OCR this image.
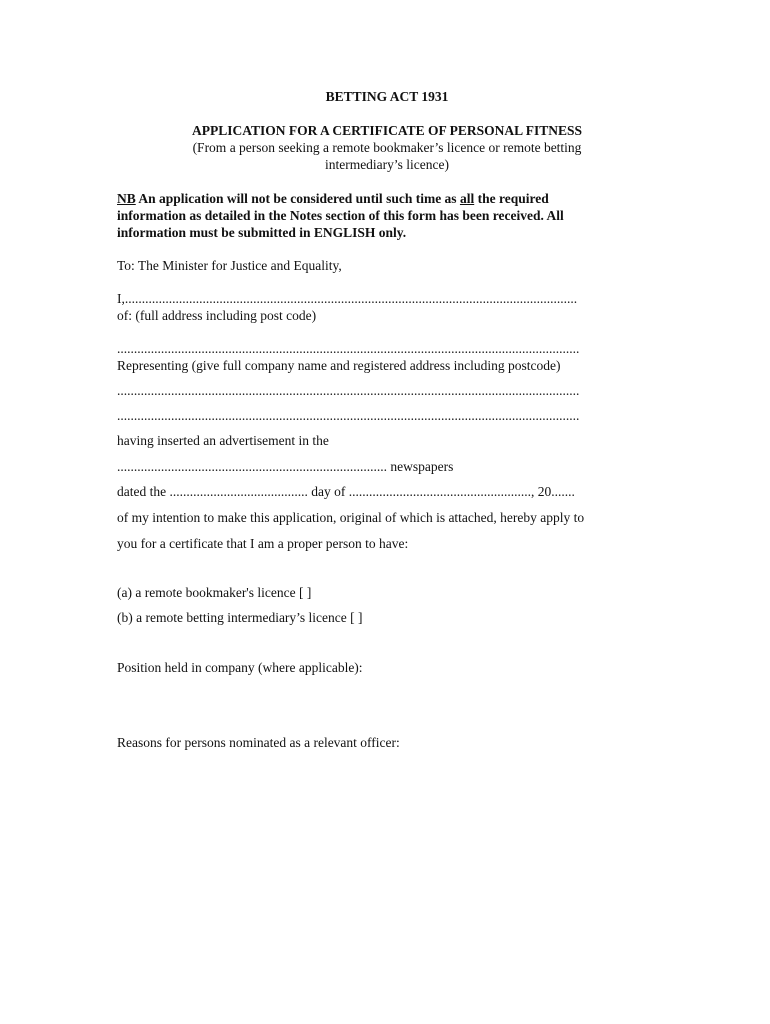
BETTING ACT 1931
APPLICATION FOR A CERTIFICATE OF PERSONAL FITNESS
(From a person seeking a remote bookmaker’s licence or remote betting
intermediary’s licence)
NB An application will not be considered until such time as all the required
information as detailed in the Notes section of this form has been received. All
information must be submitted in ENGLISH only.
To: The Minister for Justice and Equality,
I,......................................................................................................................................
of: (full address including post code)
.........................................................................................................................................
Representing (give full company name and registered address including postcode)
.........................................................................................................................................
.........................................................................................................................................
having inserted an advertisement in the
................................................................................ newspapers
dated the ......................................... day of ......................................................, 20.......
of my intention to make this application, original of which is attached, hereby apply to
you for a certificate that I am a proper person to have:
(a) a remote bookmaker's licence [ ]
(b) a remote betting intermediary’s licence [ ]
Position held in company (where applicable):
Reasons for persons nominated as a relevant officer:
